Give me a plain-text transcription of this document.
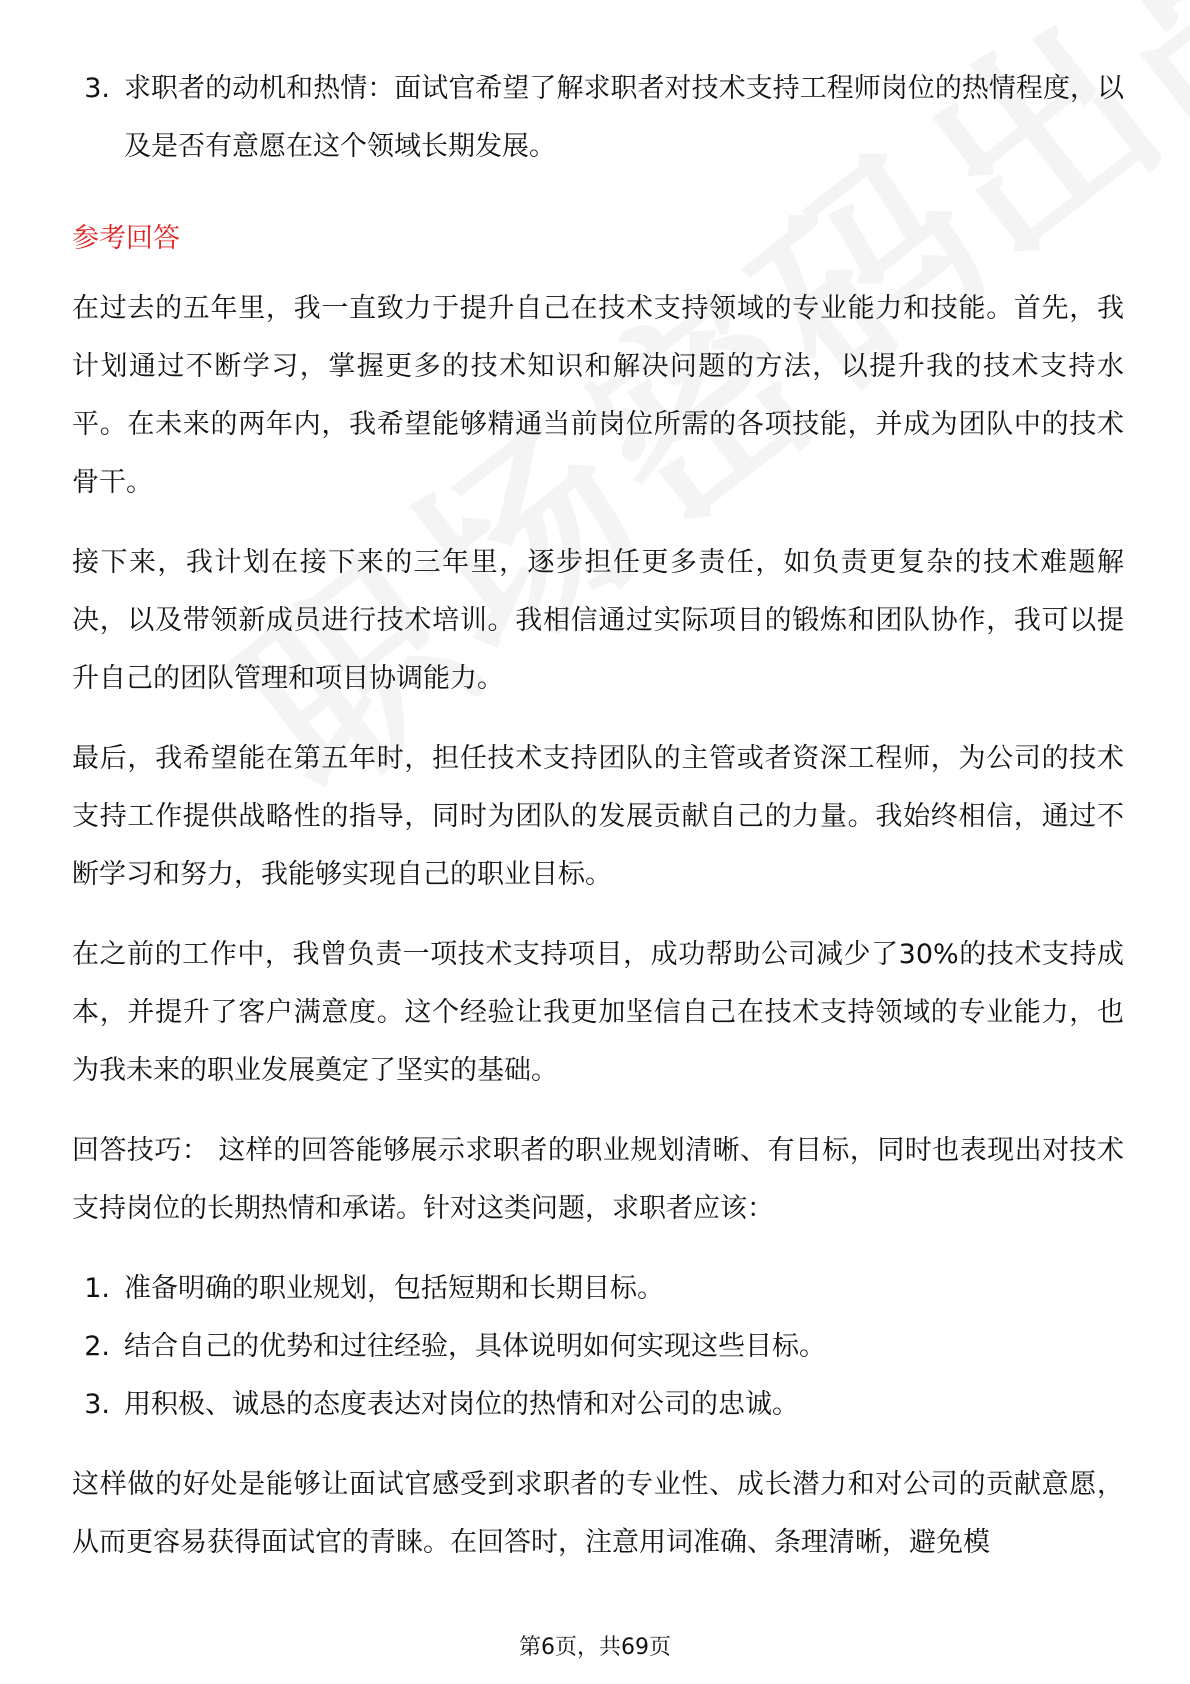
3. 求职者的动机和热情：面试官希望了解求职者对技术支持工程师岗位的热情程度，以及是否有意愿在这个领域长期发展。
参考回答

在过去的五年里，我一直致力于提升自己在技术支持领域的专业能力和技能。首先，我计划通过不断学习，掌握更多的技术知识和解决问题的方法，以提升我的技术支持水平。在未来的两年内，我希望能够精通当前岗位所需的各项技能，并成为团队中的技术骨干。

接下来，我计划在接下来的三年里，逐步担任更多责任，如负责更复杂的技术难题解决，以及带领新成员进行技术培训。我相信通过实际项目的锻炼和团队协作，我可以提升自己的团队管理和项目协调能力。

最后，我希望能在第五年时，担任技术支持团队的主管或者资深工程师，为公司的技术支持工作提供战略性的指导，同时为团队的发展贡献自己的力量。我始终相信，通过不断学习和努力，我能够实现自己的职业目标。

在之前的工作中，我曾负责一项技术支持项目，成功帮助公司减少了30%的技术支持成本，并提升了客户满意度。这个经验让我更加坚信自己在技术支持领域的专业能力，也为我未来的职业发展奠定了坚实的基础。

回答技巧： 这样的回答能够展示求职者的职业规划清晰、有目标，同时也表现出对技术支持岗位的长期热情和承诺。针对这类问题，求职者应该：

1. 准备明确的职业规划，包括短期和长期目标。
2. 结合自己的优势和过往经验，具体说明如何实现这些目标。
3. 用积极、诚恳的态度表达对岗位的热情和对公司的忠诚。

这样做的好处是能够让面试官感受到求职者的专业性、成长潜力和对公司的贡献意愿，从而更容易获得面试官的青睐。在回答时，注意用词准确、条理清晰，避免模

第6页，共69页
